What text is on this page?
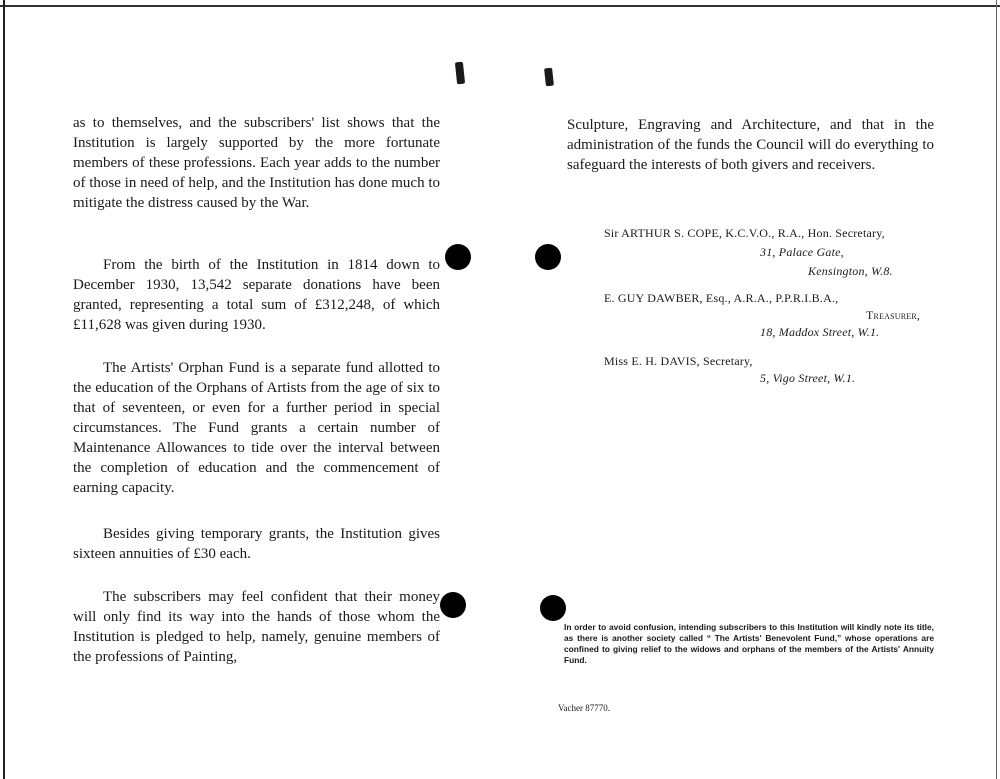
as to themselves, and the subscribers' list shows that the Institution is largely supported by the more fortunate members of these professions. Each year adds to the number of those in need of help, and the Institution has done much to mitigate the distress caused by the War.

From the birth of the Institution in 1814 down to December 1930, 13,542 separate donations have been granted, representing a total sum of £312,248, of which £11,628 was given during 1930.

The Artists' Orphan Fund is a separate fund allotted to the education of the Orphans of Artists from the age of six to that of seventeen, or even for a further period in special circumstances. The Fund grants a certain number of Maintenance Allowances to tide over the interval between the completion of education and the commencement of earning capacity.

Besides giving temporary grants, the Institution gives sixteen annuities of £30 each.

The subscribers may feel confident that their money will only find its way into the hands of those whom the Institution is pledged to help, namely, genuine members of the professions of Painting,

Sculpture, Engraving and Architecture, and that in the administration of the funds the Council will do everything to safeguard the interests of both givers and receivers.

Sir ARTHUR S. COPE, K.C.V.O., R.A., Hon. Secretary,
31, Palace Gate,
Kensington, W.8.
E. GUY DAWBER, Esq., A.R.A., P.P.R.I.B.A.,
Treasurer,
18, Maddox Street, W.1.
Miss E. H. DAVIS, Secretary,
5, Vigo Street, W.1.
In order to avoid confusion, intending subscribers to this Institution will kindly note its title, as there is another society called “ The Artists' Benevolent Fund,” whose operations are confined to giving relief to the widows and orphans of the members of the Artists' Annuity Fund.
Vacher 87770.
